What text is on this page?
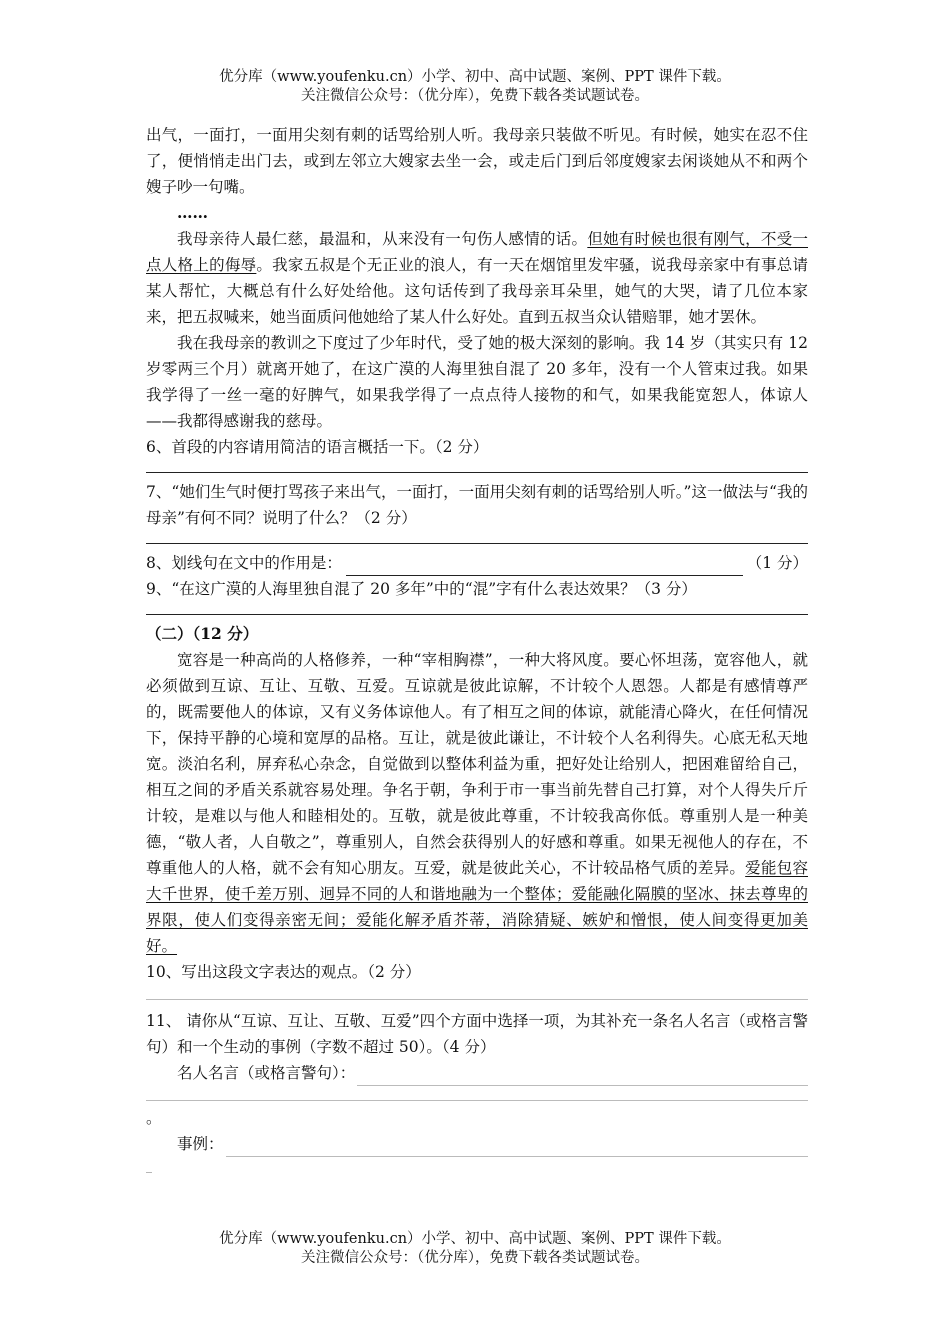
优分库（www.youfenku.cn）小学、初中、高中试题、案例、PPT 课件下载。
关注微信公众号：（优分库），免费下载各类试题试卷。

出气，一面打，一面用尖刻有刺的话骂给别人听。我母亲只装做不听见。有时候，她实在忍不住了，便悄悄走出门去，或到左邻立大嫂家去坐一会，或走后门到后邻度嫂家去闲谈她从不和两个嫂子吵一句嘴。

……

我母亲待人最仁慈，最温和，从来没有一句伤人感情的话。但她有时候也很有刚气，不受一点人格上的侮辱。我家五叔是个无正业的浪人，有一天在烟馆里发牢骚，说我母亲家中有事总请某人帮忙，大概总有什么好处给他。这句话传到了我母亲耳朵里，她气的大哭，请了几位本家来，把五叔喊来，她当面质问他她给了某人什么好处。直到五叔当众认错赔罪，她才罢休。

我在我母亲的教训之下度过了少年时代，受了她的极大深刻的影响。我 14 岁（其实只有 12 岁零两三个月）就离开她了，在这广漠的人海里独自混了 20 多年，没有一个人管束过我。如果我学得了一丝一毫的好脾气，如果我学得了一点点待人接物的和气，如果我能宽恕人，体谅人——我都得感谢我的慈母。

6、首段的内容请用简洁的语言概括一下。（2 分）

7、“她们生气时便打骂孩子来出气，一面打，一面用尖刻有刺的话骂给别人听。”这一做法与“我的母亲”有何不同？说明了什么？（2 分）

8、划线句在文中的作用是：	（1 分）

9、“在这广漠的人海里独自混了 20 多年”中的“混”字有什么表达效果？（3 分）

（二）（12 分）

宽容是一种高尚的人格修养，一种“宰相胸襟”，一种大将风度。要心怀坦荡，宽容他人，就必须做到互谅、互让、互敬、互爱。互谅就是彼此谅解，不计较个人恩怨。人都是有感情尊严的，既需要他人的体谅，又有义务体谅他人。有了相互之间的体谅，就能清心降火，在任何情况下，保持平静的心境和宽厚的品格。互让，就是彼此谦让，不计较个人名利得失。心底无私天地宽。淡泊名利，屏弃私心杂念，自觉做到以整体利益为重，把好处让给别人，把困难留给自己，相互之间的矛盾关系就容易处理。争名于朝，争利于市一事当前先替自己打算，对个人得失斤斤计较，是难以与他人和睦相处的。互敬，就是彼此尊重，不计较我高你低。尊重别人是一种美德，“敬人者，人自敬之”，尊重别人，自然会获得别人的好感和尊重。如果无视他人的存在，不尊重他人的人格，就不会有知心朋友。互爱，就是彼此关心，不计较品格气质的差异。爱能包容大千世界，使千差万别、迥异不同的人和谐地融为一个整体；爱能融化隔膜的坚冰、抹去尊卑的界限，使人们变得亲密无间；爱能化解矛盾芥蒂，消除猜疑、嫉妒和憎恨，使人间变得更加美好。

10、写出这段文字表达的观点。（2 分）

11、 请你从“互谅、互让、互敬、互爱”四个方面中选择一项，为其补充一条名人名言（或格言警句）和一个生动的事例（字数不超过 50）。（4 分）

名人名言（或格言警句）：

。

事例：

_

优分库（www.youfenku.cn）小学、初中、高中试题、案例、PPT 课件下载。
关注微信公众号：（优分库），免费下载各类试题试卷。
